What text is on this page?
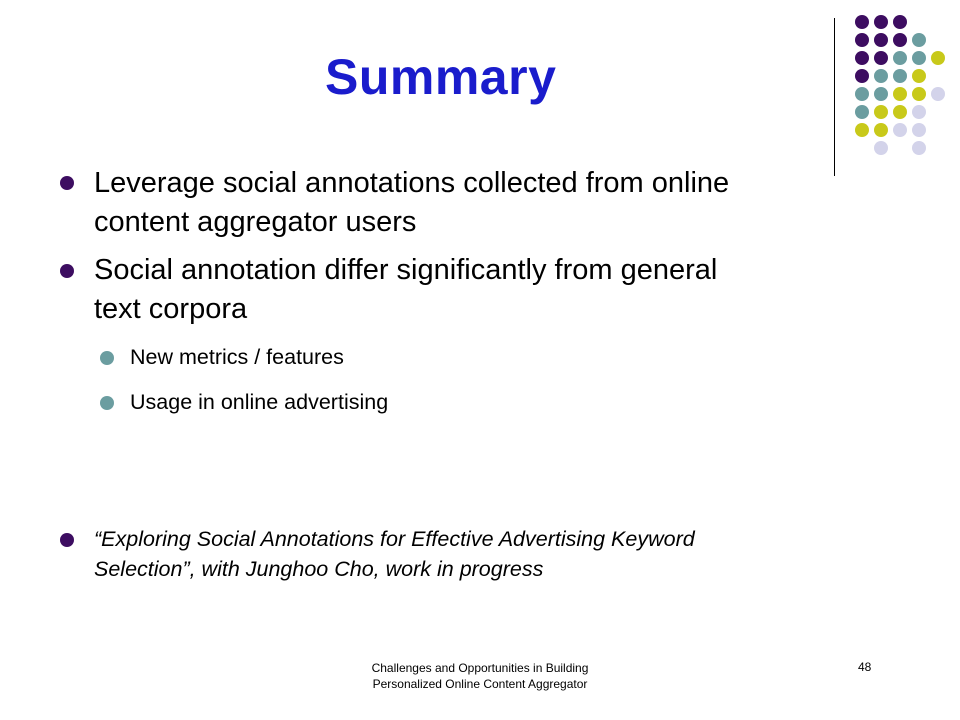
Summary
Leverage social annotations collected from online
content aggregator users
Social annotation differ significantly from general
text corpora
New metrics / features
Usage in online advertising
“Exploring Social Annotations for Effective Advertising Keyword
Selection”, with Junghoo Cho, work in progress
Challenges and Opportunities in Building
Personalized Online Content Aggregator
48
